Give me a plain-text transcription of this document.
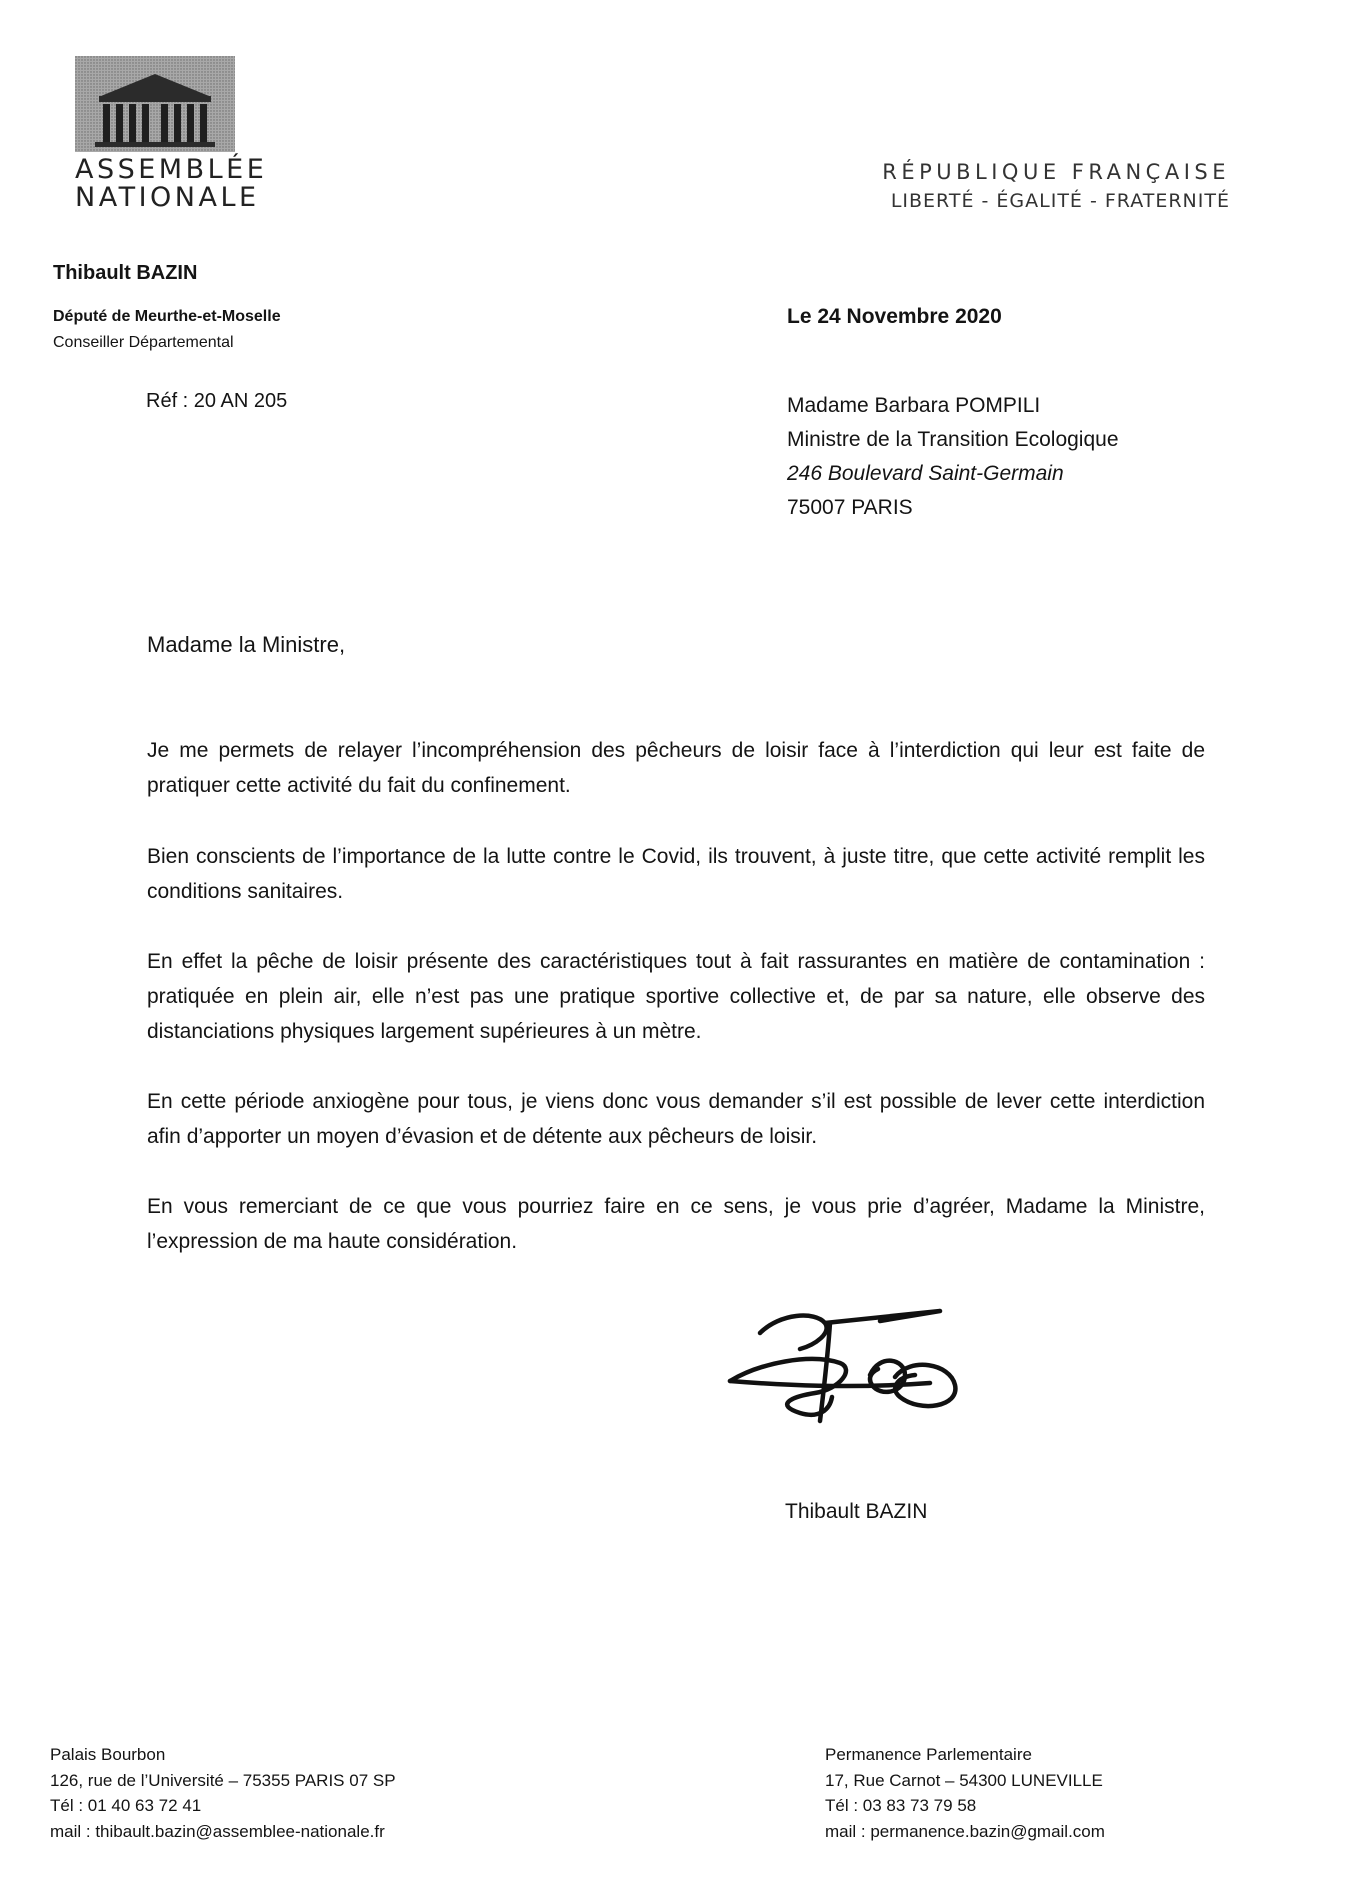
ASSEMBLÉE
NATIONALE
RÉPUBLIQUE FRANÇAISE
LIBERTÉ - ÉGALITÉ - FRATERNITÉ
Thibault BAZIN
Député de Meurthe-et-Moselle
Conseiller Départemental
Réf : 20 AN 205
Le 24 Novembre 2020
Madame Barbara POMPILI
Ministre de la Transition Ecologique
246 Boulevard Saint-Germain
75007 PARIS
Madame la Ministre,
Je me permets de relayer l’incompréhension des pêcheurs de loisir face à l’interdiction qui leur est faite de pratiquer cette activité du fait du confinement.
Bien conscients de l’importance de la lutte contre le Covid, ils trouvent, à juste titre, que cette activité remplit les conditions sanitaires.
En effet la pêche de loisir présente des caractéristiques tout à fait rassurantes en matière de contamination : pratiquée en plein air, elle n’est pas une pratique sportive collective et, de par sa nature, elle observe des distanciations physiques largement supérieures à un mètre.
En cette période anxiogène pour tous, je viens donc vous demander s’il est possible de lever cette interdiction afin d’apporter un moyen d’évasion et de détente aux pêcheurs de loisir.
En vous remerciant de ce que vous pourriez faire en ce sens, je vous prie d’agréer, Madame la Ministre, l’expression de ma haute considération.
Thibault BAZIN
Palais Bourbon
126, rue de l’Université – 75355 PARIS 07 SP
Tél : 01 40 63 72 41
mail : thibault.bazin@assemblee-nationale.fr
Permanence Parlementaire
17, Rue Carnot – 54300 LUNEVILLE
Tél : 03 83 73 79 58
mail : permanence.bazin@gmail.com
